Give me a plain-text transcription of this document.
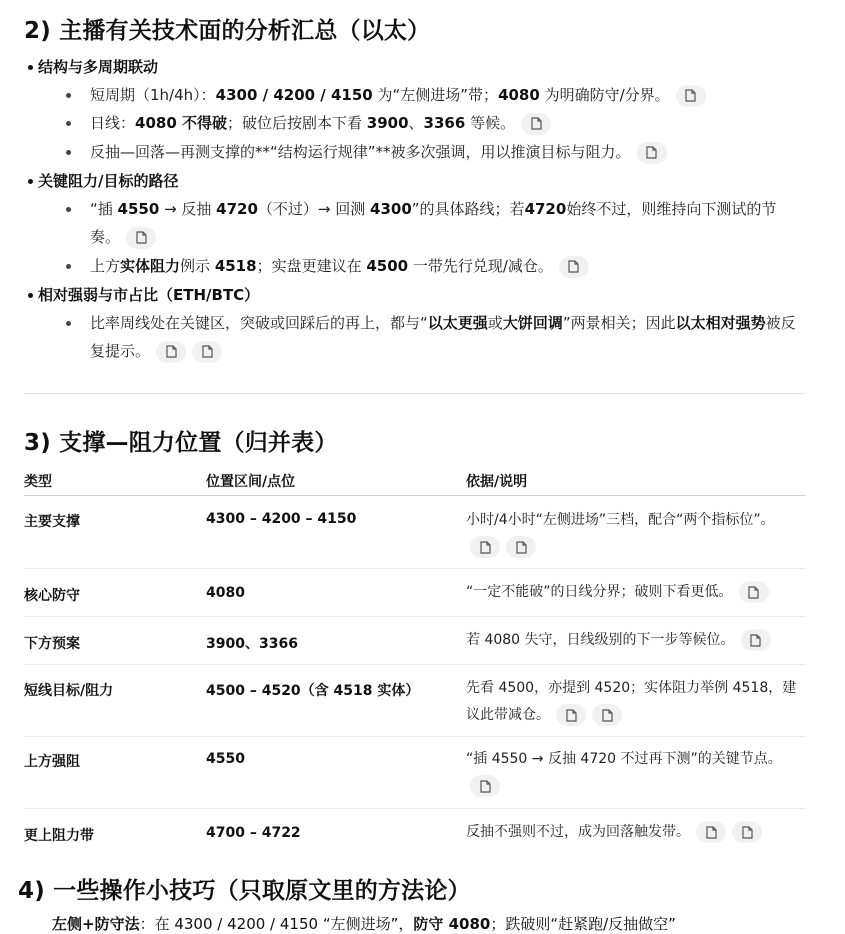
2) 主播有关技术面的分析汇总（以太）
结构与多周期联动
短周期（1h/4h）：4300 / 4200 / 4150 为“左侧进场”带；4080 为明确防守/分界。
日线：4080 不得破；破位后按剧本下看 3900、3366 等候。
反抽—回落—再测支撑的**“结构运行规律”**被多次强调，用以推演目标与阻力。
关键阻力/目标的路径
“插 4550 → 反抽 4720（不过）→ 回测 4300”的具体路线；若4720始终不过，则维持向下测试的节奏。
上方实体阻力例示 4518；实盘更建议在 4500 一带先行兑现/减仓。
相对强弱与市占比（ETH/BTC）
比率周线处在关键区，突破或回踩后的再上，都与“以太更强或大饼回调”两景相关；因此以太相对强势被反复提示。
3) 支撑—阻力位置（归并表）
类型	位置区间/点位	依据/说明
主要支撑	4300 – 4200 – 4150	小时/4小时“左侧进场”三档，配合“两个指标位”。

核心防守	4080	“一定不能破”的日线分界；破则下看更低。
下方预案	3900、3366	若 4080 失守，日线级别的下一步等候位。
短线目标/阻力	4500 – 4520（含 4518 实体）	先看 4500，亦提到 4520；实体阻力举例 4518，建议此带减仓。
上方强阻	4550	“插 4550 → 反抽 4720 不过再下测”的关键节点。

更上阻力带	4700 – 4722	反抽不强则不过，成为回落触发带。
4) 一些操作小技巧（只取原文里的方法论）
左侧+防守法：在 4300 / 4200 / 4150 “左侧进场”，防守 4080；跌破则“赶紧跑/反抽做空”
